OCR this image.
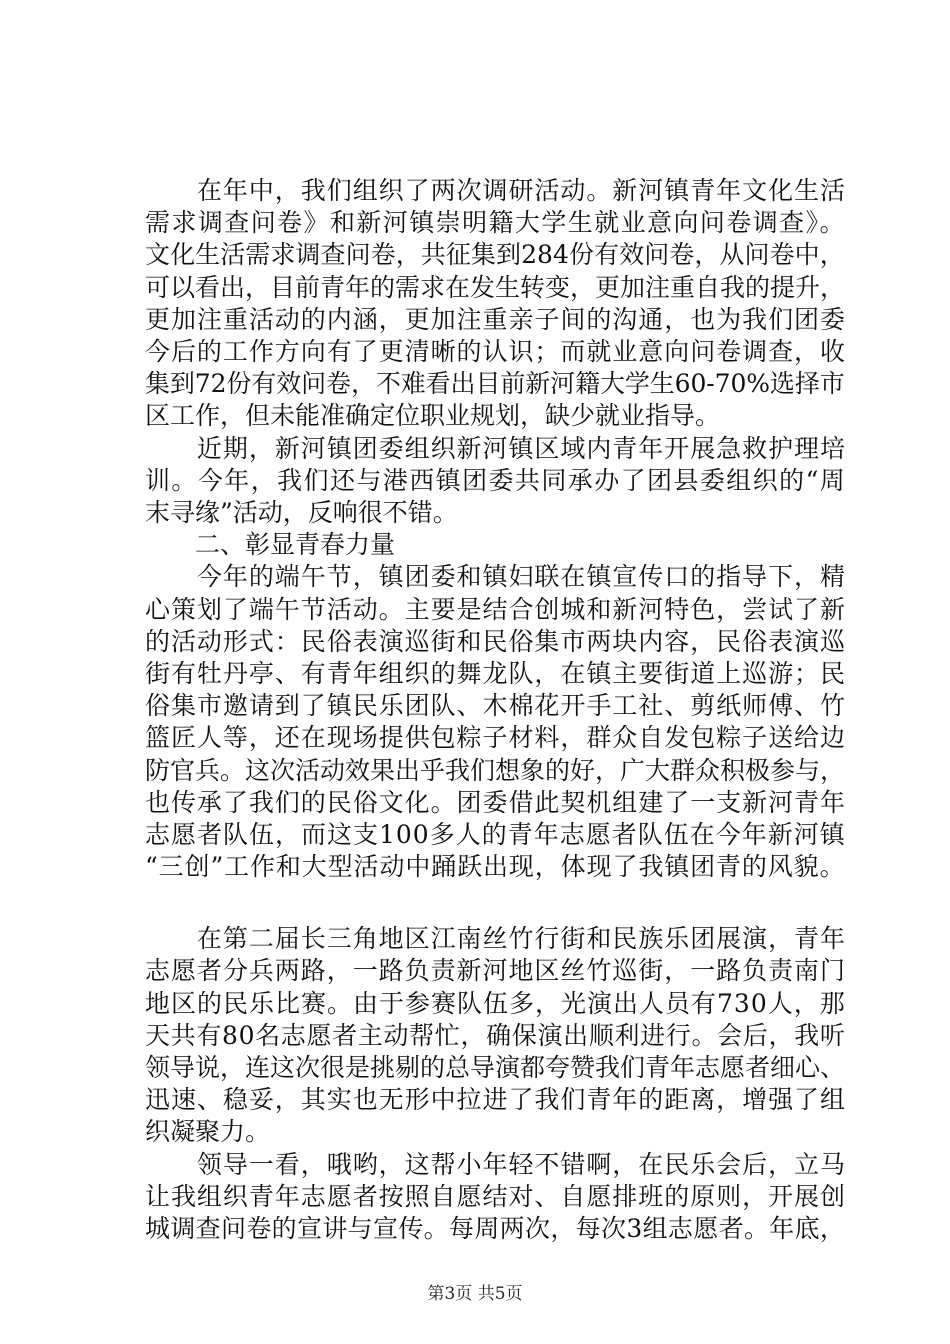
　　在年中，我们组织了两次调研活动。新河镇青年文化生活
需求调查问卷》和新河镇崇明籍大学生就业意向问卷调查》。
文化生活需求调查问卷，共征集到284份有效问卷，从问卷中，
可以看出，目前青年的需求在发生转变，更加注重自我的提升，
更加注重活动的内涵，更加注重亲子间的沟通，也为我们团委
今后的工作方向有了更清晰的认识；而就业意向问卷调查，收
集到72份有效问卷，不难看出目前新河籍大学生60-70%选择市
区工作，但未能准确定位职业规划，缺少就业指导。
　　近期，新河镇团委组织新河镇区域内青年开展急救护理培
训。今年，我们还与港西镇团委共同承办了团县委组织的“周
末寻缘”活动，反响很不错。
　　二、彰显青春力量
　　今年的端午节，镇团委和镇妇联在镇宣传口的指导下，精
心策划了端午节活动。主要是结合创城和新河特色，尝试了新
的活动形式：民俗表演巡街和民俗集市两块内容，民俗表演巡
街有牡丹亭、有青年组织的舞龙队，在镇主要街道上巡游；民
俗集市邀请到了镇民乐团队、木棉花开手工社、剪纸师傅、竹
篮匠人等，还在现场提供包粽子材料，群众自发包粽子送给边
防官兵。这次活动效果出乎我们想象的好，广大群众积极参与，
也传承了我们的民俗文化。团委借此契机组建了一支新河青年
志愿者队伍，而这支100多人的青年志愿者队伍在今年新河镇
“三创”工作和大型活动中踊跃出现，体现了我镇团青的风貌。
　　在第二届长三角地区江南丝竹行街和民族乐团展演，青年
志愿者分兵两路，一路负责新河地区丝竹巡街，一路负责南门
地区的民乐比赛。由于参赛队伍多，光演出人员有730人，那
天共有80名志愿者主动帮忙，确保演出顺利进行。会后，我听
领导说，连这次很是挑剔的总导演都夸赞我们青年志愿者细心、
迅速、稳妥，其实也无形中拉进了我们青年的距离，增强了组
织凝聚力。
　　领导一看，哦哟，这帮小年轻不错啊，在民乐会后，立马
让我组织青年志愿者按照自愿结对、自愿排班的原则，开展创
城调查问卷的宣讲与宣传。每周两次，每次3组志愿者。年底，
第3页 共5页
